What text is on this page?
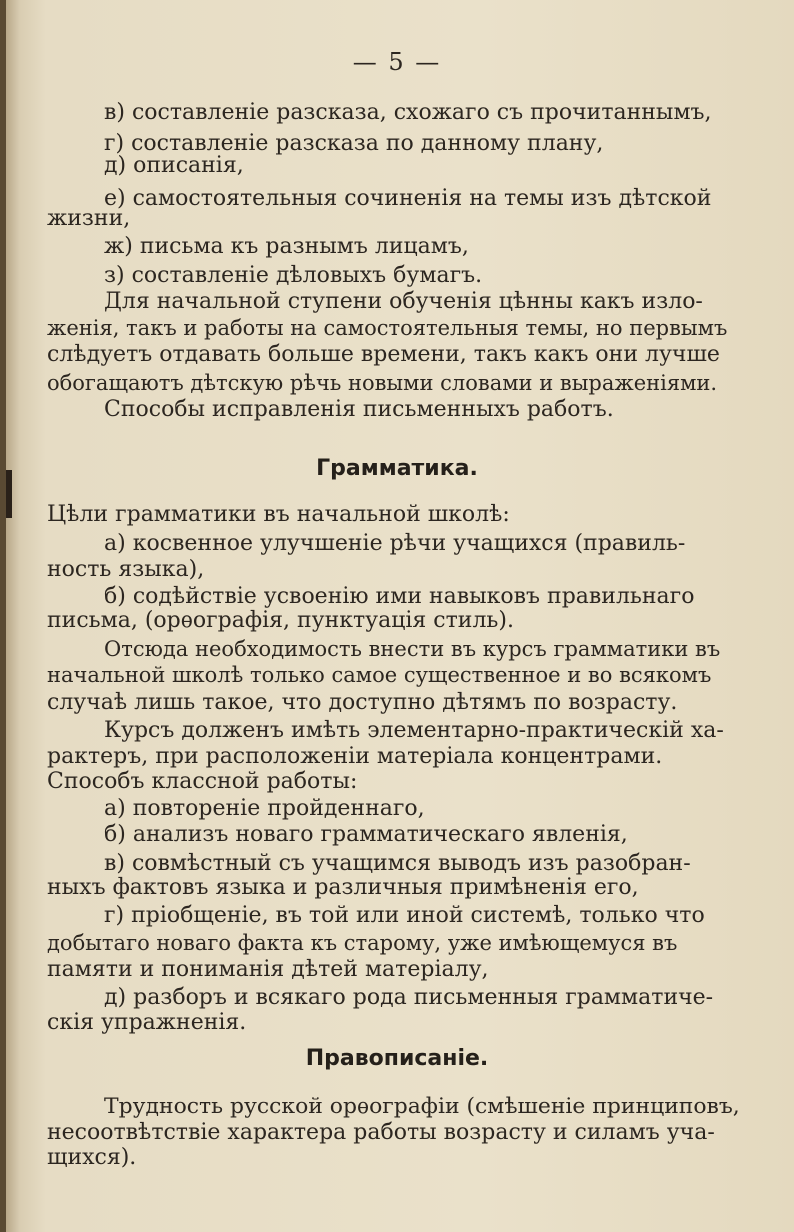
— 5 —
в) составленіе разсказа, схожаго съ прочитаннымъ,
г) составленіе разсказа по данному плану,
д) описанія,
е) самостоятельныя сочиненія на темы изъ дѣтской
жизни,
ж) письма къ разнымъ лицамъ,
з) составленіе дѣловыхъ бумагъ.
Для начальной ступени обученія цѣнны какъ изло-
женія, такъ и работы на самостоятельныя темы, но первымъ
слѣдуетъ отдавать больше времени, такъ какъ они лучше
обогащаютъ дѣтскую рѣчь новыми словами и выраженіями.
Способы исправленія письменныхъ работъ.
Грамматика.
Цѣли грамматики въ начальной школѣ:
а) косвенное улучшеніе рѣчи учащихся (правиль-
ность языка),
б) содѣйствіе усвоенію ими навыковъ правильнаго
письма, (орѳографія, пунктуація стиль).
Отсюда необходимость внести въ курсъ грамматики въ
начальной школѣ только самое существенное и во всякомъ
случаѣ лишь такое, что доступно дѣтямъ по возрасту.
Курсъ долженъ имѣть элементарно-практическій ха-
рактеръ, при расположеніи матеріала концентрами.
Способъ классной работы:
а) повтореніе пройденнаго,
б) анализъ новаго грамматическаго явленія,
в) совмѣстный съ учащимся выводъ изъ разобран-
ныхъ фактовъ языка и различныя примѣненія его,
г) пріобщеніе, въ той или иной системѣ, только что
добытаго новаго факта къ старому, уже имѣющемуся въ
памяти и пониманія дѣтей матеріалу,
д) разборъ и всякаго рода письменныя грамматиче-
скія упражненія.
Правописаніе.
Трудность русской орѳографіи (смѣшеніе принциповъ,
несоотвѣтствіе характера работы возрасту и силамъ уча-
щихся).
